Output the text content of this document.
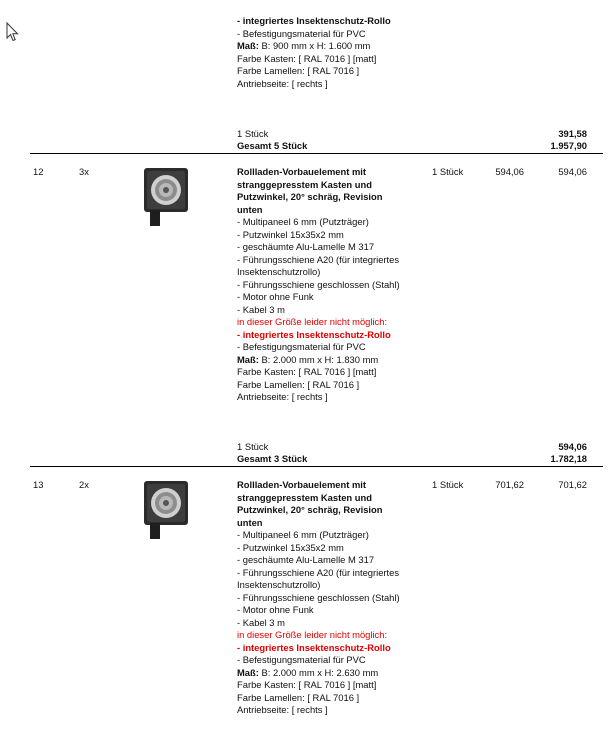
- integriertes Insektenschutz-Rollo
- Befestigungsmaterial für PVC
Maß: B: 900 mm x H: 1.600 mm
Farbe Kasten: [ RAL 7016 ] [matt]
Farbe Lamellen: [ RAL 7016 ]
Antriebseite: [ rechts ]
1 Stück	391,58
Gesamt 5 Stück	1.957,90
12	3x	Rollladen-Vorbauelement mit
stranggepresstem Kasten und
Putzwinkel, 20° schräg, Revision
unten
- Multipaneel 6 mm (Putzträger)
- Putzwinkel 15x35x2 mm
- geschäumte Alu-Lamelle M 317
- Führungsschiene A20 (für integriertes
Insektenschutzrollo)
- Führungsschiene geschlossen (Stahl)
- Motor ohne Funk
- Kabel 3 m
in dieser Größe leider nicht möglich:
- integriertes Insektenschutz-Rollo
- Befestigungsmaterial für PVC
Maß: B: 2.000 mm x H: 1.830 mm
Farbe Kasten: [ RAL 7016 ] [matt]
Farbe Lamellen: [ RAL 7016 ]
Antriebseite: [ rechts ]
1 Stück	594,06	594,06
1 Stück	594,06
Gesamt 3 Stück	1.782,18
13	2x	Rollladen-Vorbauelement mit
stranggepresstem Kasten und
Putzwinkel, 20° schräg, Revision
unten
- Multipaneel 6 mm (Putzträger)
- Putzwinkel 15x35x2 mm
- geschäumte Alu-Lamelle M 317
- Führungsschiene A20 (für integriertes
Insektenschutzrollo)
- Führungsschiene geschlossen (Stahl)
- Motor ohne Funk
- Kabel 3 m
in dieser Größe leider nicht möglich:
- integriertes Insektenschutz-Rollo
- Befestigungsmaterial für PVC
Maß: B: 2.000 mm x H: 2.630 mm
Farbe Kasten: [ RAL 7016 ] [matt]
Farbe Lamellen: [ RAL 7016 ]
Antriebseite: [ rechts ]
1 Stück	701,62	701,62
